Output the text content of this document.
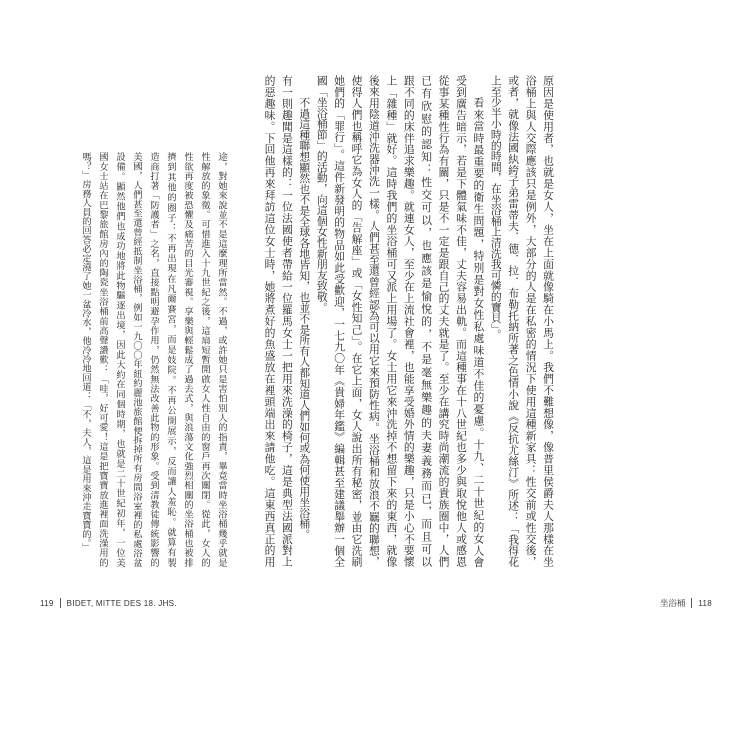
原因是使用者，也就是女人，坐在上面就像騎在小馬上。我們不難想像，像普里侯爵夫人那樣在坐
浴桶上與人交際應該只是例外，大部分的人是在私密的情況下使用這種新家具：性交前或性交後，
或者，就像法國紈絝子弟雷蒂夫．德．拉．布勒托納所著之色情小說《反抗尤絲汀》所述：「我得花
上至少半小時的時間，在坐浴桶上清洗我可憐的寶貝」。
看來當時最重要的衛生問題，特別是對女性私處味道不佳的憂慮。十九、二十世紀的女人會
受到廣告暗示，若是下體氣味不佳，丈夫容易出軌。而這種事在十八世紀也多少與取悅他人或感恩
從事某種性行為有關，只是不一定是跟自己的丈夫就是了。至少在講究時尚潮流的貴族圈中，人們
已有欣慰的認知：性交可以，也應該是愉悅的，不是毫無樂趣的夫妻義務而已，而且可以
跟不同的床伴追求樂趣。就連女人，至少在上流社會裡，也能享受婚外情的樂趣，只是小心不要懷
上「雜種」就好。這時我們的坐浴桶可又派上用場了。女士用它來沖洗掉不想留下來的東西，就像
後來用陰道沖洗器沖洗一樣。人們甚至還曾經認為可以用它來預防性病。坐浴桶和放浪不羈的聯想，
使得人們也稱呼它為女人的「告解座」或「女性知己」。在它上面，女人說出所有秘密，並由它洗刷
她們的「罪行」。這件新發明的物品如此受歡迎，一七九〇年《貴婦年鑑》編輯甚至建議舉辦一個全
國「坐浴桶節」的活動，向這個女性新朋友致敬。
不過這種聯想顯然也不是全球各地皆知，也並不是所有人都知道人們如何或為何使用坐浴桶。
有一則趣聞是這樣的：一位法國使者帶給一位羅馬女士一把用來洗澡的椅子，這是典型法國派對上
的惡趣味。下回他再來拜訪這位女士時，她將煮好的魚盛放在裡頭端出來請他吃。這東西真正的用
途，對她來說並不是這麼理所當然。不過，或許她只是害怕別人的指責，畢竟當時坐浴桶幾乎就是
性解放的象徵。可惜進入十九世紀之後，這扇短暫開啟女人性自由的窗戶再次關閉。從此，女人的
性欲再度被恐懼及痛苦的目光審視。享樂與輕鬆成了過去式，與浪蕩文化強烈相關的坐浴桶也被排
擠到其他的圈子：不再出現在凡爾賽宮，而是妓院。不再公開展示，反而讓人羞恥。就算有製
造商打著「防護者」之名，直接點明避孕作用，仍然無法改善此物的形象。受到清教徒傳統影響的
美國，人們甚至還曾經抵制坐浴桶，例如一九〇〇年紐約麗池旅館便拆掉所有房間浴室裡的私處浴盆
設備。顯然他們也成功地將此物驅逐出境，因此大約在同個時期，也就是二十世紀初年，一位美
國女士站在巴黎旅館房內的陶瓷坐浴桶前高聲讚歎：「哇，好可愛！這是把寶寶放進裡面洗澡用的
嗎？」房務人員的回答必定澆了她一盆冷水，他冷冷地回道：「不，夫人，這是用來沖走寶寶的。」
119 BIDET, MITTE DES 18. JHS.	坐浴桶 118
